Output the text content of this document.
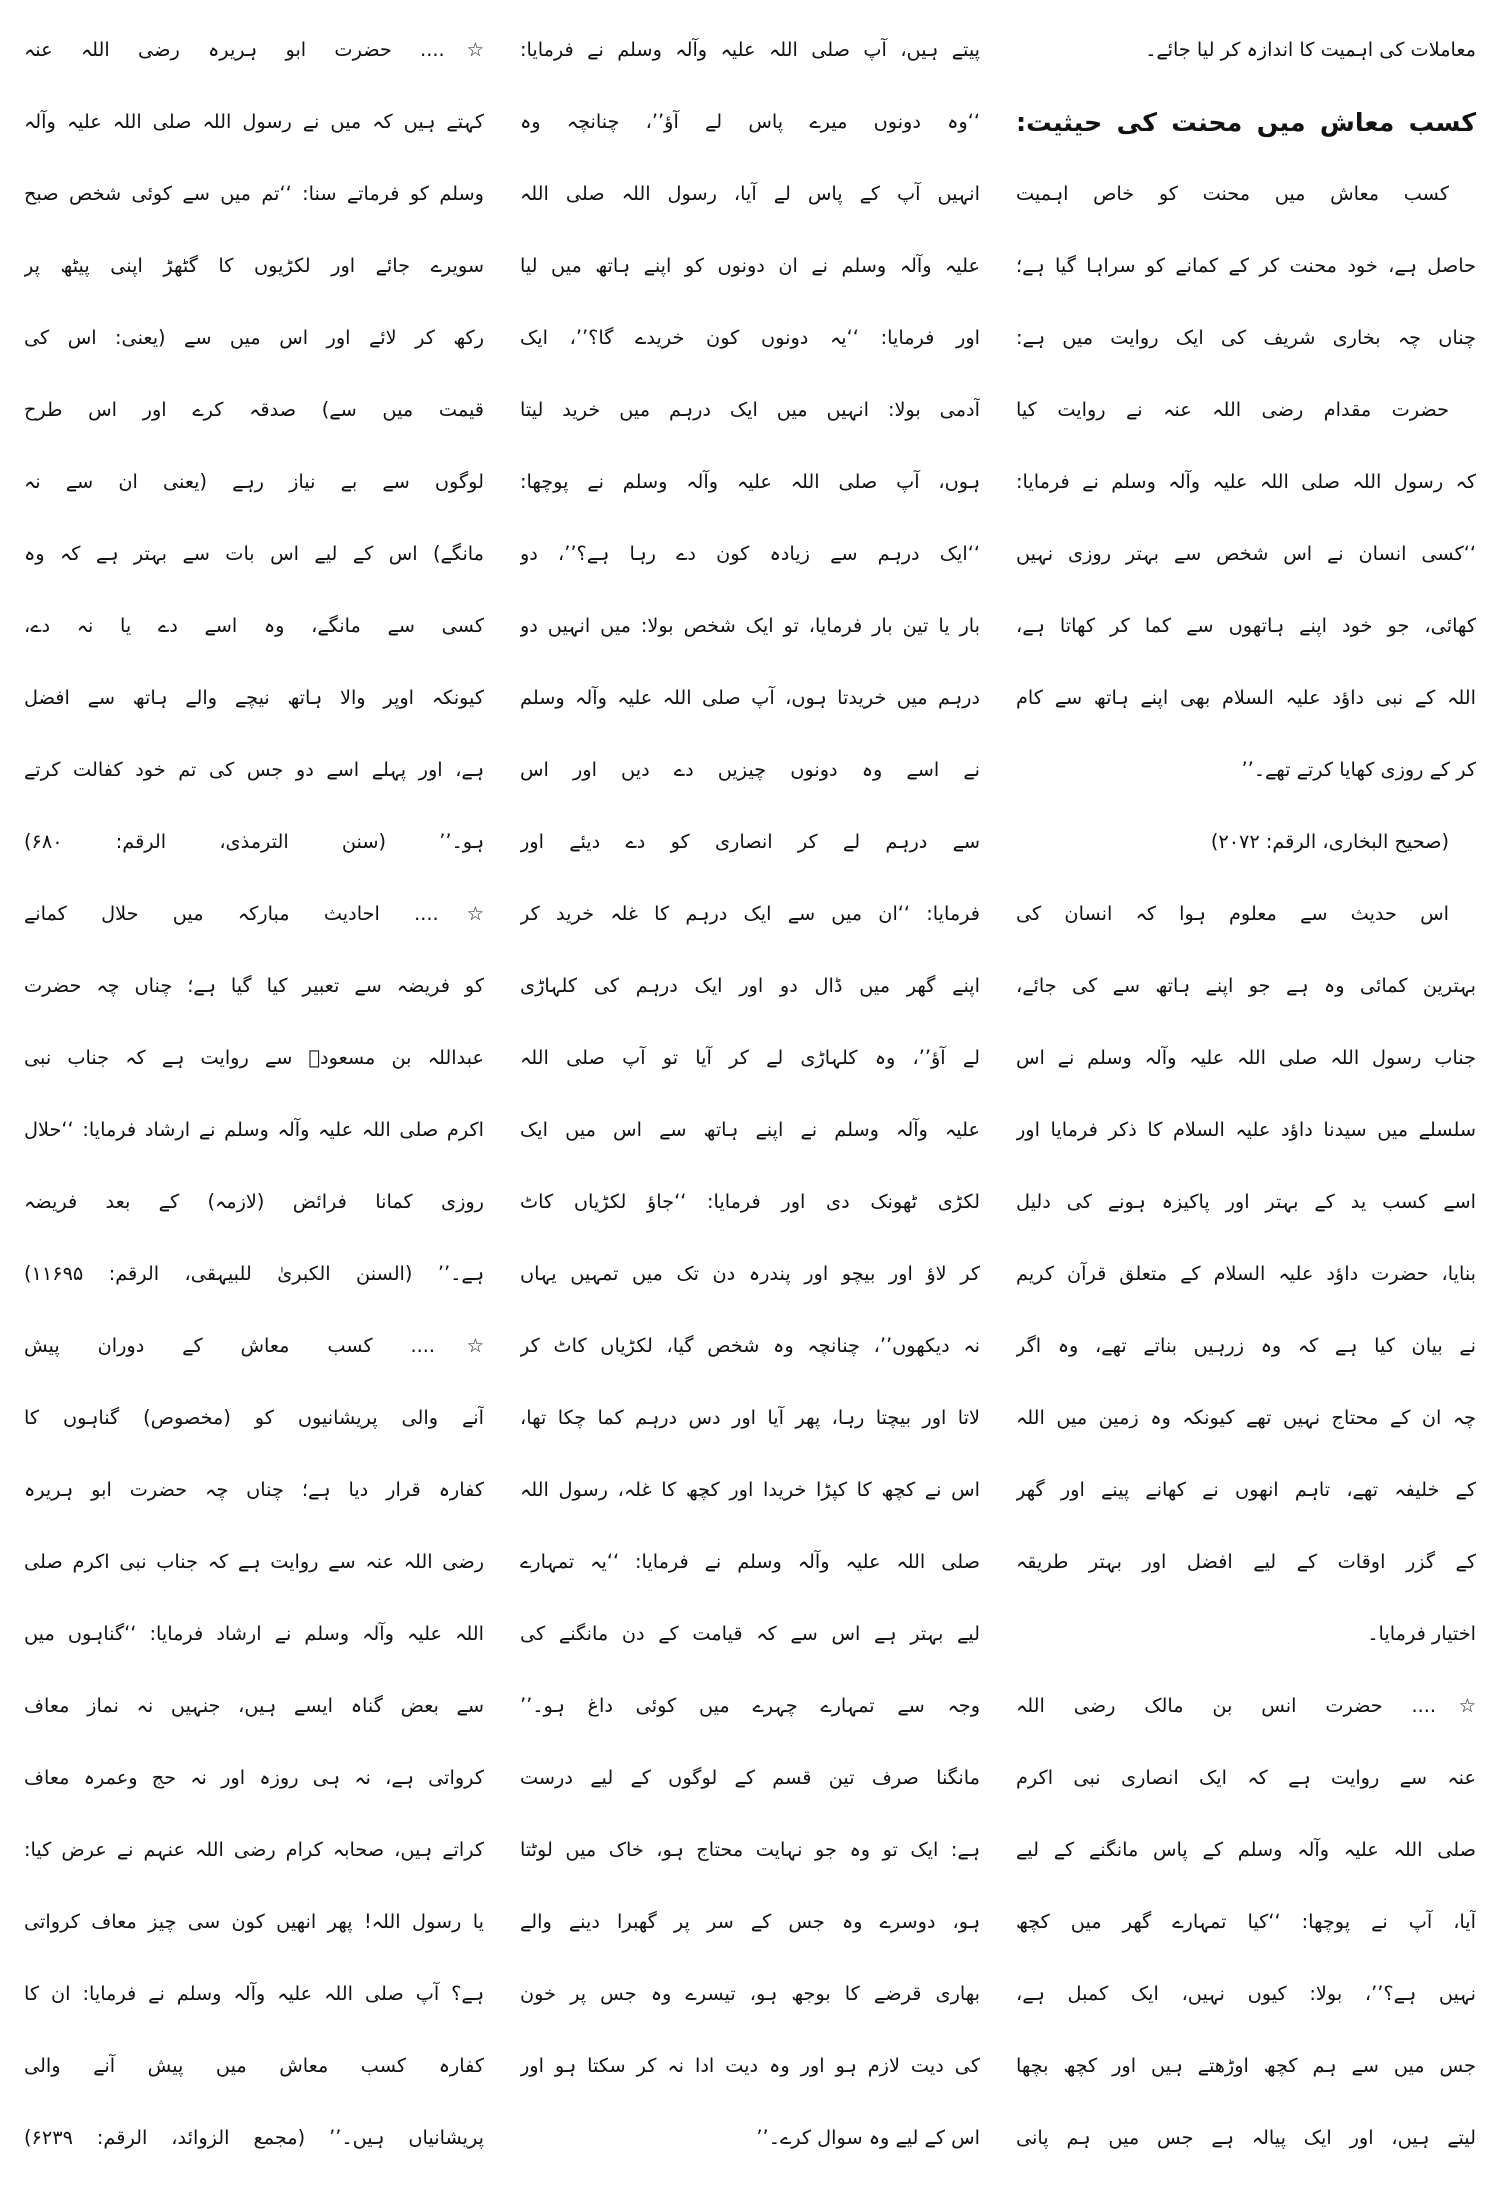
معاملات کی اہمیت کا اندازہ کر لیا جائے۔
کسب معاش میں محنت کی حیثیت:
کسب معاش میں محنت کو خاص اہمیت
حاصل ہے، خود محنت کر کے کمانے کو سراہا گیا ہے؛
چناں چہ بخاری شریف کی ایک روایت میں ہے:
حضرت مقدام رضی اللہ عنہ نے روایت کیا
کہ رسول اللہ صلی اللہ علیہ وآلہ وسلم نے فرمایا:
‘‘کسی انسان نے اس شخص سے بہتر روزی نہیں
کھائی، جو خود اپنے ہاتھوں سے کما کر کھاتا ہے،
اللہ کے نبی داؤد علیہ السلام بھی اپنے ہاتھ سے کام
کر کے روزی کھایا کرتے تھے۔’’
(صحیح البخاری، الرقم: ۲۰۷۲)
اس حدیث سے معلوم ہوا کہ انسان کی
بہترین کمائی وہ ہے جو اپنے ہاتھ سے کی جائے،
جناب رسول اللہ صلی اللہ علیہ وآلہ وسلم نے اس
سلسلے میں سیدنا داؤد علیہ السلام کا ذکر فرمایا اور
اسے کسب ید کے بہتر اور پاکیزہ ہونے کی دلیل
بنایا، حضرت داؤد علیہ السلام کے متعلق قرآن کریم
نے بیان کیا ہے کہ وہ زرہیں بناتے تھے، وہ اگر
چہ ان کے محتاج نہیں تھے کیونکہ وہ زمین میں اللہ
کے خلیفہ تھے، تاہم انھوں نے کھانے پینے اور گھر
کے گزر اوقات کے لیے افضل اور بہتر طریقہ
اختیار فرمایا۔
☆.... حضرت انس بن مالک رضی اللہ
عنہ سے روایت ہے کہ ایک انصاری نبی اکرم
صلی اللہ علیہ وآلہ وسلم کے پاس مانگنے کے لیے
آیا، آپ نے پوچھا: ‘‘کیا تمہارے گھر میں کچھ
نہیں ہے؟’’، بولا: کیوں نہیں، ایک کمبل ہے،
جس میں سے ہم کچھ اوڑھتے ہیں اور کچھ بچھا
لیتے ہیں، اور ایک پیالہ ہے جس میں ہم پانی
پیتے ہیں، آپ صلی اللہ علیہ وآلہ وسلم نے فرمایا:
‘‘وہ دونوں میرے پاس لے آؤ’’، چنانچہ وہ
انہیں آپ کے پاس لے آیا، رسول اللہ صلی اللہ
علیہ وآلہ وسلم نے ان دونوں کو اپنے ہاتھ میں لیا
اور فرمایا: ‘‘یہ دونوں کون خریدے گا؟’’، ایک
آدمی بولا: انہیں میں ایک درہم میں خرید لیتا
ہوں، آپ صلی اللہ علیہ وآلہ وسلم نے پوچھا:
‘‘ایک درہم سے زیادہ کون دے رہا ہے؟’’، دو
بار یا تین بار فرمایا، تو ایک شخص بولا: میں انہیں دو
درہم میں خریدتا ہوں، آپ صلی اللہ علیہ وآلہ وسلم
نے اسے وہ دونوں چیزیں دے دیں اور اس
سے درہم لے کر انصاری کو دے دیئے اور
فرمایا: ‘‘ان میں سے ایک درہم کا غلہ خرید کر
اپنے گھر میں ڈال دو اور ایک درہم کی کلہاڑی
لے آؤ’’، وہ کلہاڑی لے کر آیا تو آپ صلی اللہ
علیہ وآلہ وسلم نے اپنے ہاتھ سے اس میں ایک
لکڑی ٹھونک دی اور فرمایا: ‘‘جاؤ لکڑیاں کاٹ
کر لاؤ اور بیچو اور پندرہ دن تک میں تمہیں یہاں
نہ دیکھوں’’، چنانچہ وہ شخص گیا، لکڑیاں کاٹ کر
لاتا اور بیچتا رہا، پھر آیا اور دس درہم کما چکا تھا،
اس نے کچھ کا کپڑا خریدا اور کچھ کا غلہ، رسول اللہ
صلی اللہ علیہ وآلہ وسلم نے فرمایا: ‘‘یہ تمہارے
لیے بہتر ہے اس سے کہ قیامت کے دن مانگنے کی
وجہ سے تمہارے چہرے میں کوئی داغ ہو۔’’
مانگنا صرف تین قسم کے لوگوں کے لیے درست
ہے: ایک تو وہ جو نہایت محتاج ہو، خاک میں لوٹتا
ہو، دوسرے وہ جس کے سر پر گھبرا دینے والے
بھاری قرضے کا بوجھ ہو، تیسرے وہ جس پر خون
کی دیت لازم ہو اور وہ دیت ادا نہ کر سکتا ہو اور
اس کے لیے وہ سوال کرے۔’’
☆.... حضرت ابو ہریرہ رضی اللہ عنہ
کہتے ہیں کہ میں نے رسول اللہ صلی اللہ علیہ وآلہ
وسلم کو فرماتے سنا: ‘‘تم میں سے کوئی شخص صبح
سویرے جائے اور لکڑیوں کا گٹھڑ اپنی پیٹھ پر
رکھ کر لائے اور اس میں سے (یعنی: اس کی
قیمت میں سے) صدقہ کرے اور اس طرح
لوگوں سے بے نیاز رہے (یعنی ان سے نہ
مانگے) اس کے لیے اس بات سے بہتر ہے کہ وہ
کسی سے مانگے، وہ اسے دے یا نہ دے،
کیونکہ اوپر والا ہاتھ نیچے والے ہاتھ سے افضل
ہے، اور پہلے اسے دو جس کی تم خود کفالت کرتے
ہو۔’’ (سنن الترمذی، الرقم: ۶۸۰)
☆.... احادیث مبارکہ میں حلال کمانے
کو فریضہ سے تعبیر کیا گیا ہے؛ چناں چہ حضرت
عبداللہ بن مسعودؓ سے روایت ہے کہ جناب نبی
اکرم صلی اللہ علیہ وآلہ وسلم نے ارشاد فرمایا: ‘‘حلال
روزی کمانا فرائض (لازمہ) کے بعد فریضہ
ہے۔’’ (السنن الکبریٰ للبیہقی، الرقم: ۱۱۶۹۵)
☆.... کسب معاش کے دوران پیش
آنے والی پریشانیوں کو (مخصوص) گناہوں کا
کفارہ قرار دیا ہے؛ چناں چہ حضرت ابو ہریرہ
رضی اللہ عنہ سے روایت ہے کہ جناب نبی اکرم صلی
اللہ علیہ وآلہ وسلم نے ارشاد فرمایا: ‘‘گناہوں میں
سے بعض گناہ ایسے ہیں، جنہیں نہ نماز معاف
کرواتی ہے، نہ ہی روزہ اور نہ حج وعمرہ معاف
کراتے ہیں، صحابہ کرام رضی اللہ عنہم نے عرض کیا:
یا رسول اللہ! پھر انھیں کون سی چیز معاف کرواتی
ہے؟ آپ صلی اللہ علیہ وآلہ وسلم نے فرمایا: ان کا
کفارہ کسب معاش میں پیش آنے والی
پریشانیاں ہیں۔’’ (مجمع الزوائد، الرقم: ۶۲۳۹)
